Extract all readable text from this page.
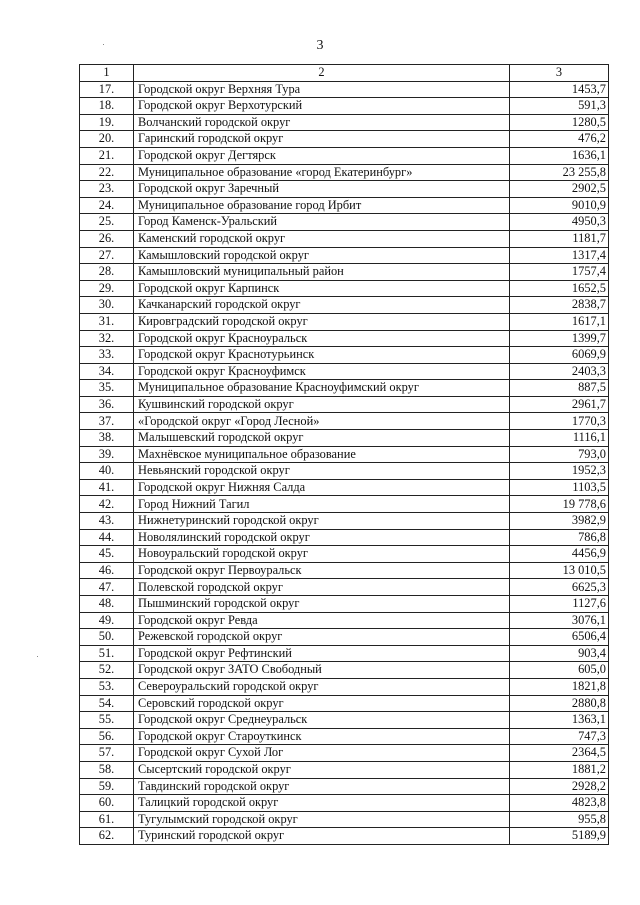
3
1	2	3
17.	Городской округ Верхняя Тура	1453,7
18.	Городской округ Верхотурский	591,3
19.	Волчанский городской округ	1280,5
20.	Гаринский городской округ	476,2
21.	Городской округ Дегтярск	1636,1
22.	Муниципальное образование «город Екатеринбург»	23 255,8
23.	Городской округ Заречный	2902,5
24.	Муниципальное образование город Ирбит	9010,9
25.	Город Каменск-Уральский	4950,3
26.	Каменский городской округ	1181,7
27.	Камышловский городской округ	1317,4
28.	Камышловский муниципальный район	1757,4
29.	Городской округ Карпинск	1652,5
30.	Качканарский городской округ	2838,7
31.	Кировградский городской округ	1617,1
32.	Городской округ Красноуральск	1399,7
33.	Городской округ Краснотурьинск	6069,9
34.	Городской округ Красноуфимск	2403,3
35.	Муниципальное образование Красноуфимский округ	887,5
36.	Кушвинский городской округ	2961,7
37.	«Городской округ «Город Лесной»	1770,3
38.	Малышевский городской округ	1116,1
39.	Махнёвское муниципальное образование	793,0
40.	Невьянский городской округ	1952,3
41.	Городской округ Нижняя Салда	1103,5
42.	Город Нижний Тагил	19 778,6
43.	Нижнетуринский городской округ	3982,9
44.	Новолялинский городской округ	786,8
45.	Новоуральский городской округ	4456,9
46.	Городской округ Первоуральск	13 010,5
47.	Полевской городской округ	6625,3
48.	Пышминский городской округ	1127,6
49.	Городской округ Ревда	3076,1
50.	Режевской городской округ	6506,4
51.	Городской округ Рефтинский	903,4
52.	Городской округ ЗАТО Свободный	605,0
53.	Североуральский городской округ	1821,8
54.	Серовский городской округ	2880,8
55.	Городской округ Среднеуральск	1363,1
56.	Городской округ Староуткинск	747,3
57.	Городской округ Сухой Лог	2364,5
58.	Сысертский городской округ	1881,2
59.	Тавдинский городской округ	2928,2
60.	Талицкий городской округ	4823,8
61.	Тугулымский городской округ	955,8
62.	Туринский городской округ	5189,9
